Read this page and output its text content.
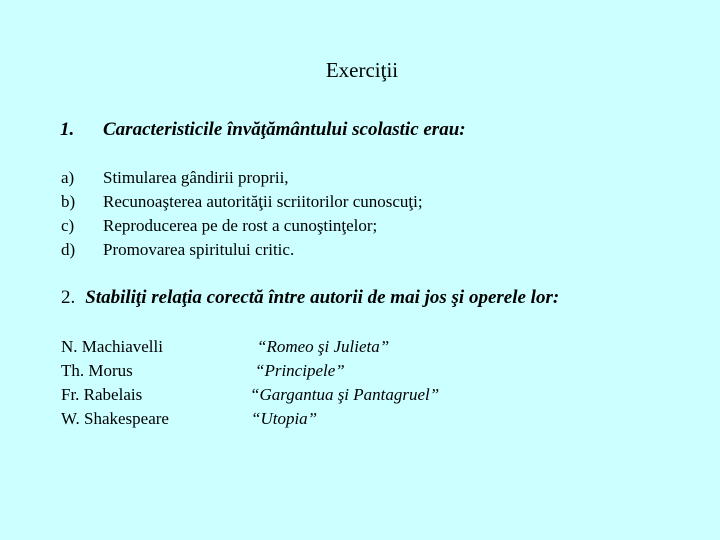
Exerciţii
1. Caracteristicile învăţământului scolastic erau:
a) Stimularea gândirii proprii,
b) Recunoaşterea autorităţii scriitorilor cunoscuţi;
c) Reproducerea pe de rost a cunoştinţelor;
d) Promovarea spiritului critic.
2. Stabiliţi relaţia corectă între autorii de mai jos şi operele lor:
N. Machiavelli
Th. Morus
Fr. Rabelais
W. Shakespeare
“Romeo şi Julieta”
“Principele”
“Gargantua şi Pantagruel”
“Utopia”
